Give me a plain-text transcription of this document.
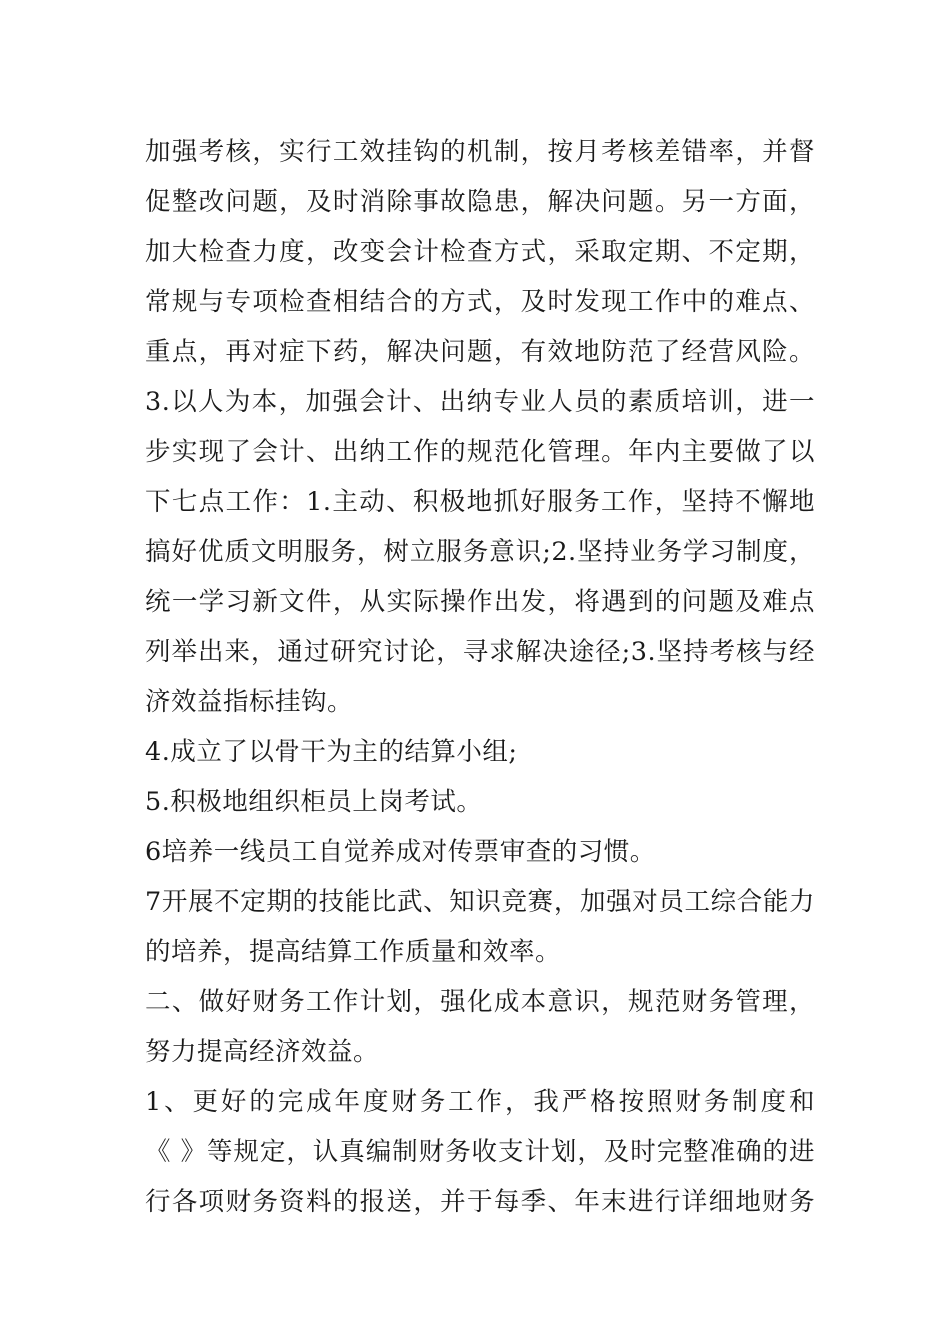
加强考核，实行工效挂钩的机制，按月考核差错率，并督
促整改问题，及时消除事故隐患，解决问题。另一方面，
加大检查力度，改变会计检查方式，采取定期、不定期，
常规与专项检查相结合的方式，及时发现工作中的难点、
重点，再对症下药，解决问题，有效地防范了经营风险。
3.以人为本，加强会计、出纳专业人员的素质培训，进一
步实现了会计、出纳工作的规范化管理。年内主要做了以
下七点工作：1.主动、积极地抓好服务工作，坚持不懈地
搞好优质文明服务，树立服务意识;2.坚持业务学习制度，
统一学习新文件，从实际操作出发，将遇到的问题及难点
列举出来，通过研究讨论，寻求解决途径;3.坚持考核与经
济效益指标挂钩。
4.成立了以骨干为主的结算小组;
5.积极地组织柜员上岗考试。
6培养一线员工自觉养成对传票审查的习惯。
7开展不定期的技能比武、知识竞赛，加强对员工综合能力
的培养，提高结算工作质量和效率。
二、做好财务工作计划，强化成本意识，规范财务管理，
努力提高经济效益。
1、更好的完成年度财务工作，我严格按照财务制度和
《 》等规定，认真编制财务收支计划，及时完整准确的进
行各项财务资料的报送，并于每季、年末进行详细地财务
